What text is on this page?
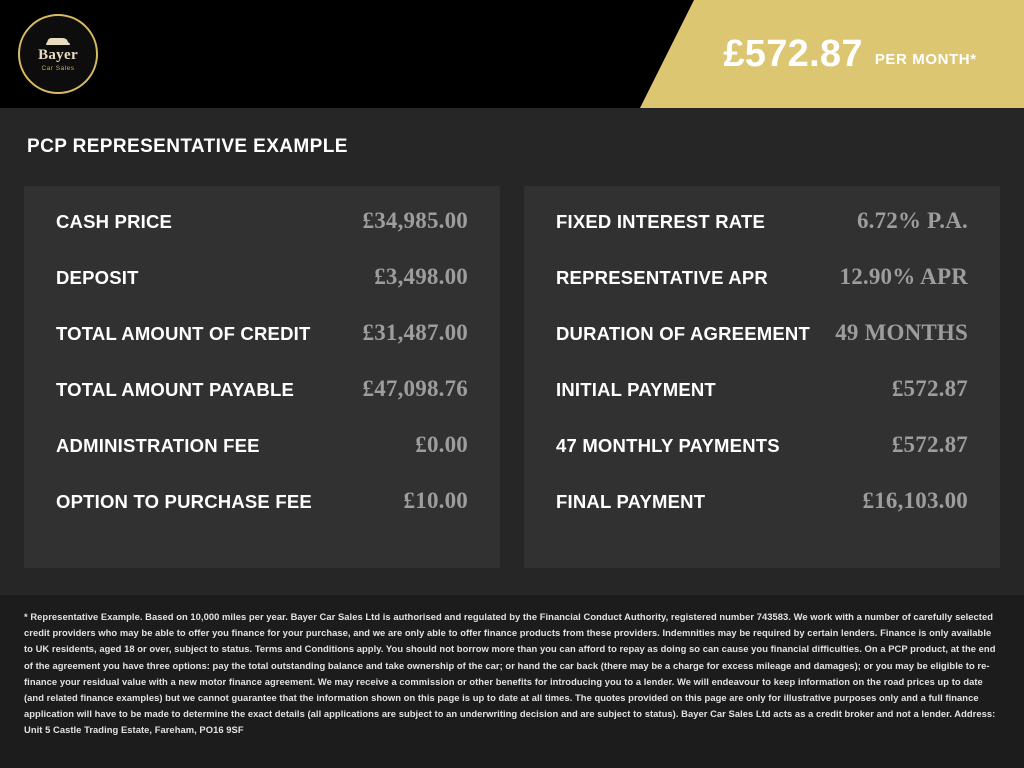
Bayer
Car Sales	£572.87 PER MONTH*
PCP REPRESENTATIVE EXAMPLE
CASH PRICE	£34,985.00
DEPOSIT	£3,498.00
TOTAL AMOUNT OF CREDIT £31,487.00
TOTAL AMOUNT PAYABLE	£47,098.76
ADMINISTRATION FEE	£0.00
OPTION TO PURCHASE FEE	£10.00
FIXED INTEREST RATE	6.72% P.A.
REPRESENTATIVE APR	12.90% APR
DURATION OF AGREEMENT 49 MONTHS
INITIAL PAYMENT	£572.87
47 MONTHLY PAYMENTS	£572.87
FINAL PAYMENT	£16,103.00

* Representative Example. Based on 10,000 miles per year. Bayer Car Sales Ltd is authorised and regulated by the Financial Conduct Authority, registered number 743583. We work with a number of carefully selected credit providers who may be able to offer you finance for your purchase, and we are only able to offer finance products from these providers. Indemnities may be required by certain lenders. Finance is only available to UK residents, aged 18 or over, subject to status. Terms and Conditions apply. You should not borrow more than you can afford to repay as doing so can cause you financial difficulties. On a PCP product, at the end of the agreement you have three options: pay the total outstanding balance and take ownership of the car; or hand the car back (there may be a charge for excess mileage and damages); or you may be eligible to re-finance your residual value with a new motor finance agreement. We may receive a commission or other benefits for introducing you to a lender. We will endeavour to keep information on the road prices up to date (and related finance examples) but we cannot guarantee that the information shown on this page is up to date at all times. The quotes provided on this page are only for illustrative purposes only and a full finance application will have to be made to determine the exact details (all applications are subject to an underwriting decision and are subject to status). Bayer Car Sales Ltd acts as a credit broker and not a lender. Address: Unit 5 Castle Trading Estate, Fareham, PO16 9SF
